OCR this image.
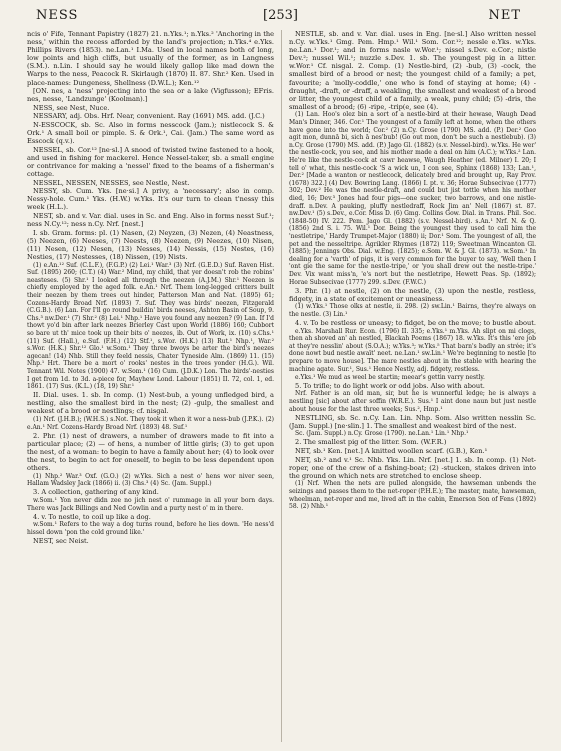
NESS	[253]	NET

ncis o' Fife, Tennant Papistry (1827) 21. n.Yks.¹; n.Yks.² 'Anchoring in the ness,' within the recess afforded by the land's projection; n.Yks.⁴ e.Yks. Phillips Rivers (1853). ne.Lan.¹ I.Ma. Used in local names both of long, low points and high cliffs, but usually of the former, as in Langness (S.M.). n.Lin. I should say he would likely gallop like mad down the Warps to the ness, Peacock R. Skirlaugh (1870) II. 87. Shr.² Ken. Used in place-names: Dungeness, Shellness (D.W.L.); Ken.¹²

[ON. nes, a 'ness' projecting into the sea or a lake (Vigfusson); EFris. nes, nesse, 'Landzunge' (Koolman).]

NESS, see Nest, Nuce.

NESSARY, adj. Obs. Hrf. Near, convenient. Ray (1691) MS. add. (J.C.)

N-ESSCOCK, sb. Sc. Also in forms nesscock (Jam.); nistlecock S. & Ork.¹ A small boil or pimple. S. & Ork.¹, Cai. (Jam.) The same word as Esscock (q.v.).

NESSEL, sb. Cor.¹² [ne·sl.] A snood of twisted twine fastened to a hook, and used in fishing for mackerel. Hence Nessel-taker, sb. a small engine or contrivance for making a 'nessel' fixed to the beams of a fisherman's cottage.

NESSEL, NESSEN, NESSES, see Nestle, Nest.

NESSY, sb. Cum. Yks. [ne·si.] A privy, a 'necessary'; also in comp. Nessy-hole. Cum.¹ Yks. (H.W.) w.Yks. It's our turn to clean t'nessy this week (H.L.).

NEST, sb. and v. Var. dial. uses in Sc. and Eng. Also in forms nesst Suf.¹; ness N.Cy.¹²; ness n.Cy. Nrf. [nest.]

I. sb. Gram. forms: pl. (1) Nasen, (2) Neyzen, (3) Nezen, (4) Neastness, (5) Neezen, (6) Neeses, (7) Neests, (8) Neezen, (9) Neezes, (10) Nisen, (11) Nesen, (12) Nesen, (13) Nesses, (14) Nessis, (15) Nestes, (16) Nesties, (17) Nestesses, (18) Nissen, (19) Nists.

(1) e.An.¹² Suf. (C.L.F.), (F.G.P.) (2) Lei.¹ War.³ (3) Nrf. (G.E.D.) Suf. Raven Hist. Suf. (1895) 260; (C.T.) (4) War.² Mind, my child, that yer doesn't rob the robins' neasteses. (5) Shr.¹ I looked all through the neezen (A.J.M.) Shr.¹ Neezen is chiefly employed by the aged folk. e.An.¹ Nrf. Them long-legged critters built their neezen by them trees out hinder, Patterson Man and Nat. (1895) 61; Cozens-Hardy Broad Nrf. (1893) 7. Suf. They was birds' neezen, Fitzgerald (C.G.B.). (6) Lan. For I'll go round buildin' birds neeses, Ashton Basin of Soup, 9. Chs.³ nw.Der.¹ (7) Shr.² (8) Lei.¹ Nhp.¹ Have you found any neezen? (9) Lan. If I'd thowt yo'd bin after lark neezes Brierley Cast upon World (1886) 160; Cubbort so bare ut th' mice took up their bits o' neezes, ib. Out of Work, ix. (10) s.Chs.¹ (11) Suf. (Hall.), e.Suf. (F.H.) (12) Stf.¹, s.Wor. (H.K.) (13) Rut.¹ Nhp.¹, War.² s.Wor. (H.K.) Shr.¹² Glo.¹ w.Som.¹ They three bwoys be arter the bird's neezes agecan! (14) Nhb. Still they feeld nessis, Chater Tyneside Alm. (1869) 11. (15) Nhp.¹ Hrt. There be a mort o' rooks' nestes in the trees yonder (H.G.). Wil. Tennant Wil. Notes (1900) 47. w.Som.¹ (16) Cum. (J.D.K.) Lon. The birds'-nesties I get from 1d. to 3d. a-piece for, Mayhew Lond. Labour (1851) II. 72, col. 1, ed. 1861. (17) Sus. (K.L.) (18, 19) Shr.¹

II. Dial. uses. 1. sb. In comp. (1) Nest-bub, a young unfledged bird, a nestling, also the smallest bird in the nest; (2) -gulp, the smallest and weakest of a brood or nestlings; cf. nisgal.

(1) Nrf. (J.H.B.); (W.H.S.) s.Not. They took it when it wor a ness-bub (J.P.K.). (2) e.An.¹ Nrf. Cozens-Hardy Broad Nrf. (1893) 48. Suf.¹

2. Phr. (1) nest of drawers, a number of drawers made to fit into a particular place; (2) — of hens, a number of little girls; (3) to get upon the nest, of a woman: to begin to have a family about her; (4) to look over the nest, to begin to act for oneself, to begin to be less dependent upon others.

(1) Nhp.² War.³ Oxf. (G.O.) (2) w.Yks. Sich a nest o' hens wor niver seen, Hallam Wadsley Jack (1866) ii. (3) Chs.³ (4) Sc. (Jam. Suppl.)

3. A collection, gathering of any kind.

w.Som.¹ Yon never didn zee no jich nest o' rummage in all your born days. There was Jack Billings and Ned Cowlin and a purty nest o' m in there.

4. v. To nestle, to coil up like a dog.

w.Som.¹ Refers to the way a dog turns round, before he lies down. 'He ness'd hissel down 'pon the cold ground like.'

NEST, sec Neist.

NESTLE, sb. and v. Var. dial. uses in Eng. [ne·sl.] Also written nessel n.Cy. w.Yks.¹ Gmg. Pem. Hmp.¹ Wil.¹ Som. Cor.¹²; nessle e.Yks. w.Yks. ne.Lan.¹ Dor.¹; and in forms nasle w.Wor.¹; nissel s.Dev. e.Cor.; nistle Dev.²; nussel Wil.¹; nuzzle s.Dev. 1. sb. The youngest pig in a litter. w.Wor.¹ Cf. nisgal. 2. Comp. (1) Nestle-bird, (2) -bub, (3) -cock, the smallest bird of a brood or nest; the youngest child of a family; a pet, favourite; a 'molly-coddle,' one who is fond of staying at home; (4) -draught, -draft, or -draff, a weakling, the smallest and weakest of a brood or litter, the youngest child of a family, a weak, puny child; (5) -dris, the smallest of a brood; (6) -ripe, -trip(e, see (4).

(1) Lan. Hoo's olez bin a sort of a nestle-bird at their hewase, Waugh Dead Man's Dinner, 346. Cor.¹ The youngest of a family left at home, when the others have gone into the world; Cor.² (2) n.Cy. Grose (1790) MS. add. (P.) Der.² Goo agit mon, dunnā bi, sich ā nes'bub! (Go out mon, don't be such a nestlebub). (3) n.Cy. Grose (1790) MS. add. (P.) Jago Gl. (1882) (s.v. Nessel-bird). w.Yks. He wer' the nestle-cock, you see, and his mother made a deal on him (A.C.); w.Yks.² Lan. He're like the nestle-cock at cawr heawse, Waugh Heather (ed. Milner) I. 20; I tell o' what, this nestle-cock 'S a wick un, I con see, Sphinx (1868) 133; Lan.¹, Der.² [Made a wanton or nestlecock, delicately bred and brought up, Ray Prov. (1678) 322.] (4) Dev. Bowring Lang. (1866) I. pt. v. 36; Horae Subsecivae (1777) 302; Dev.² He was the nestle-draft, and could but jist tottle when his mother died, 16; Dev.³ Jones had four pigs—one sucker, two barrows, and one nistle-draff. n.Dev. A pauking, pluffy nestledraff, Rock Jim an' Nell (1867) st. 87. nw.Dev.¹ (5) s.Dev., e.Cor. Miss D. (6) Gmg. Collins Gow. Dial. in Trans. Phil. Soc. (1848-50) IV. 222. Pem. Jago Gl. (1882) (s.v. Nessel-bird). s.An.¹ Nrf. N. & Q. (1856) 2nd S. i. 75. Wil.¹ Dor. Being the youngest they used to call him the 'nestletripe,' Hardy Trumpet-Major (1880) ii; Dor.¹ Som. The youngest of all, the pet and the nesseltripe. Agrikler Rhymes (1872) 119; Sweetman Wincanton Gl. (1885); Jennings Obs. Dial. w.Eng. (1825); e.Som. W. & J. Gl. (1873). w.Som.¹ In dealing for a 'varth' of pigs, it is very common for the buyer to say, 'Well then I 'ont gie the same for the nestle-tripe,' or 'you shall drew out the nestle-tripe.' Dev. Vix want miss'n, 'e's nort but the nestletripe, Hewett Peas. Sp. (1892); Horae Subsecivae (1777) 299. s.Dev. (F.W.C.)

3. Phr. (1) at nestle, (2) on the nestle, (3) upon the nestle, restless, fidgety, in a state of excitement or uneasiness.

(1) w.Yks.¹ Those olks at nestle, ii. 298. (2) sw.Lin.¹ Bairns, they're always on the nestle. (3) Lin.¹

4. v. To be restless or uneasy; to fidget, be on the move; to bustle about.

e.Yks. Marshall Rur. Econ. (1796) II. 335; e.Yks.¹ m.Yks. Ah slipt on mi clogs, then ah shoved an' ah nestled, Blackah Poems (1867) 18. w.Yks. It's this 'ere job at they're nesslin' about (S.O.A.); w.Yks.³; w.Yks.⁵ That barn's badly an strée; it's done nowt bud nestle awaït' neet. ne.Lan.¹ sw.Lin.¹ We're beginning to nestle [to prepare to move house]. The mare nestles about in the stable with hearing the machine agate. Sur.¹, Sus.¹ Hence Nestly, adj. fidgety, restless.

e.Yks.¹ We mud as weel be startin; meear's gettin varry nestly.

5. To trifle; to do light work or odd jobs. Also with about.

Nrf. Father is an old man, sir, but he is wunnerful ledge; he is always a nestling [sic] about after soffin (W.R.E.). Sus.¹ I aint done naun but just nestle about house for the last three weeks; Sus.², Hmp.¹

NESTLING, sb. Sc. n.Cy. Lan. Lin. Nhp. Som. Also written nesslin Sc. (Jam. Suppl.) [ne·slin.] 1. The smallest and weakest bird of the nest.

Sc. (Jam. Suppl.) n.Cy. Grose (1790). ne.Lan.¹ Lin.¹ Nhp.¹

2. The smallest pig of the litter. Som. (W.F.R.)

NET, sb.¹ Ken. [net.] A knitted woollen scarf. (G.B.), Ken.¹

NET, sb.² and v.¹ Sc. Nhb. Yks. Lin. Nrf. [net.] 1. sb. In comp. (1) Net-roper, one of the crew of a fishing-boat; (2) -stucken, stakes driven into the ground on which nets are stretched to enclose sheep.

(1) Nrf. When the nets are pulled alongside, the hawseman unbends the seizings and passes them to the net-roper (P.H.E.); The master, mate, hawseman, wheelman, net-roper and me, lived aft in the cabin, Emerson Son of Fens (1892) 58. (2) Nhb.¹
